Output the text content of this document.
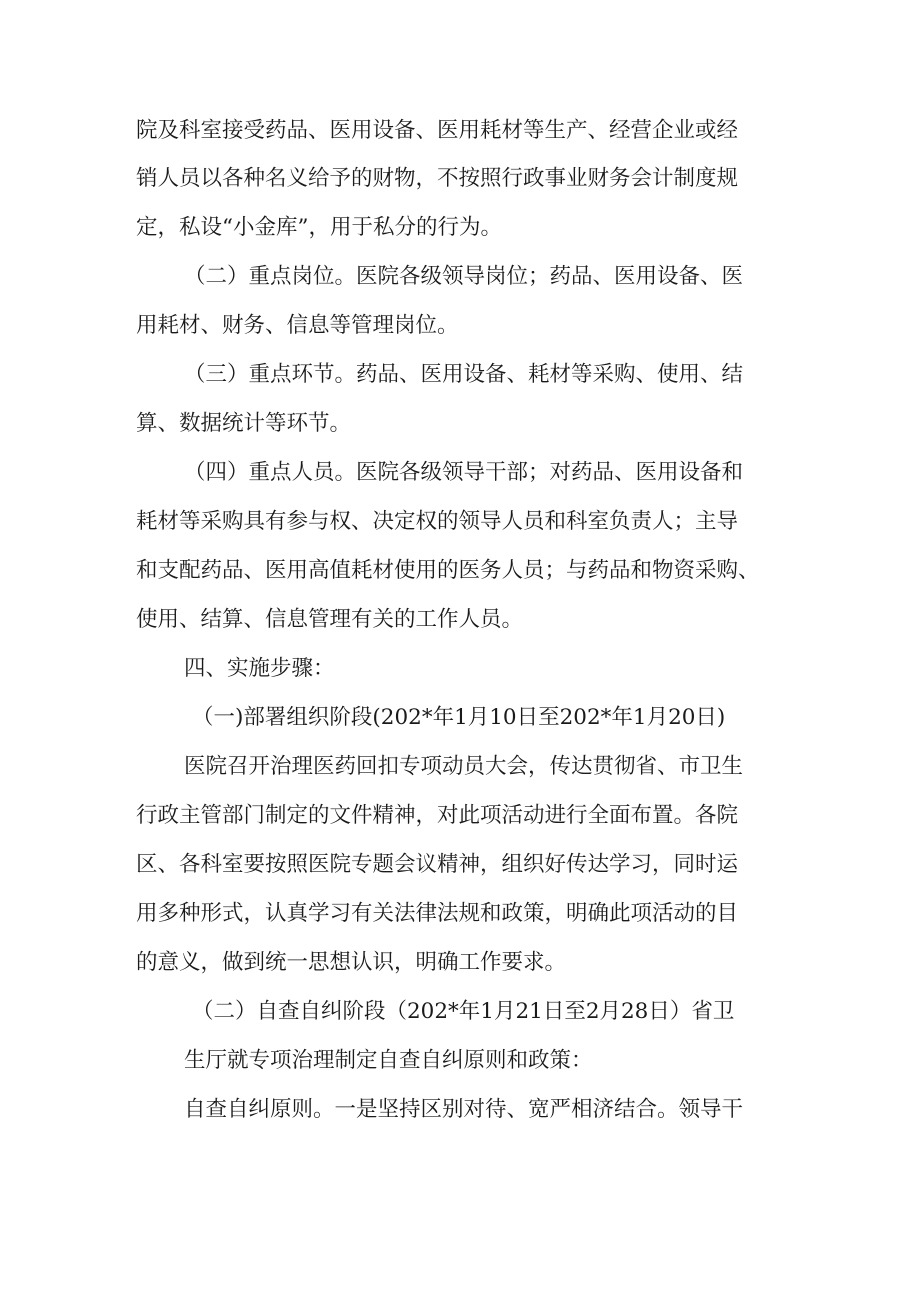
院及科室接受药品、医用设备、医用耗材等生产、经营企业或经
销人员以各种名义给予的财物，不按照行政事业财务会计制度规
定，私设“小金库”，用于私分的行为。
（二）重点岗位。医院各级领导岗位；药品、医用设备、医
用耗材、财务、信息等管理岗位。
（三）重点环节。药品、医用设备、耗材等采购、使用、结
算、数据统计等环节。
（四）重点人员。医院各级领导干部；对药品、医用设备和
耗材等采购具有参与权、决定权的领导人员和科室负责人；主导
和支配药品、医用高值耗材使用的医务人员；与药品和物资采购、
使用、结算、信息管理有关的工作人员。
四、实施步骤：
（一)部署组织阶段(202*年1月10日至202*年1月20日)
医院召开治理医药回扣专项动员大会，传达贯彻省、市卫生
行政主管部门制定的文件精神，对此项活动进行全面布置。各院
区、各科室要按照医院专题会议精神，组织好传达学习，同时运
用多种形式，认真学习有关法律法规和政策，明确此项活动的目
的意义，做到统一思想认识，明确工作要求。
（二）自查自纠阶段（202*年1月21日至2月28日）省卫
生厅就专项治理制定自查自纠原则和政策：
自查自纠原则。一是坚持区别对待、宽严相济结合。领导干
